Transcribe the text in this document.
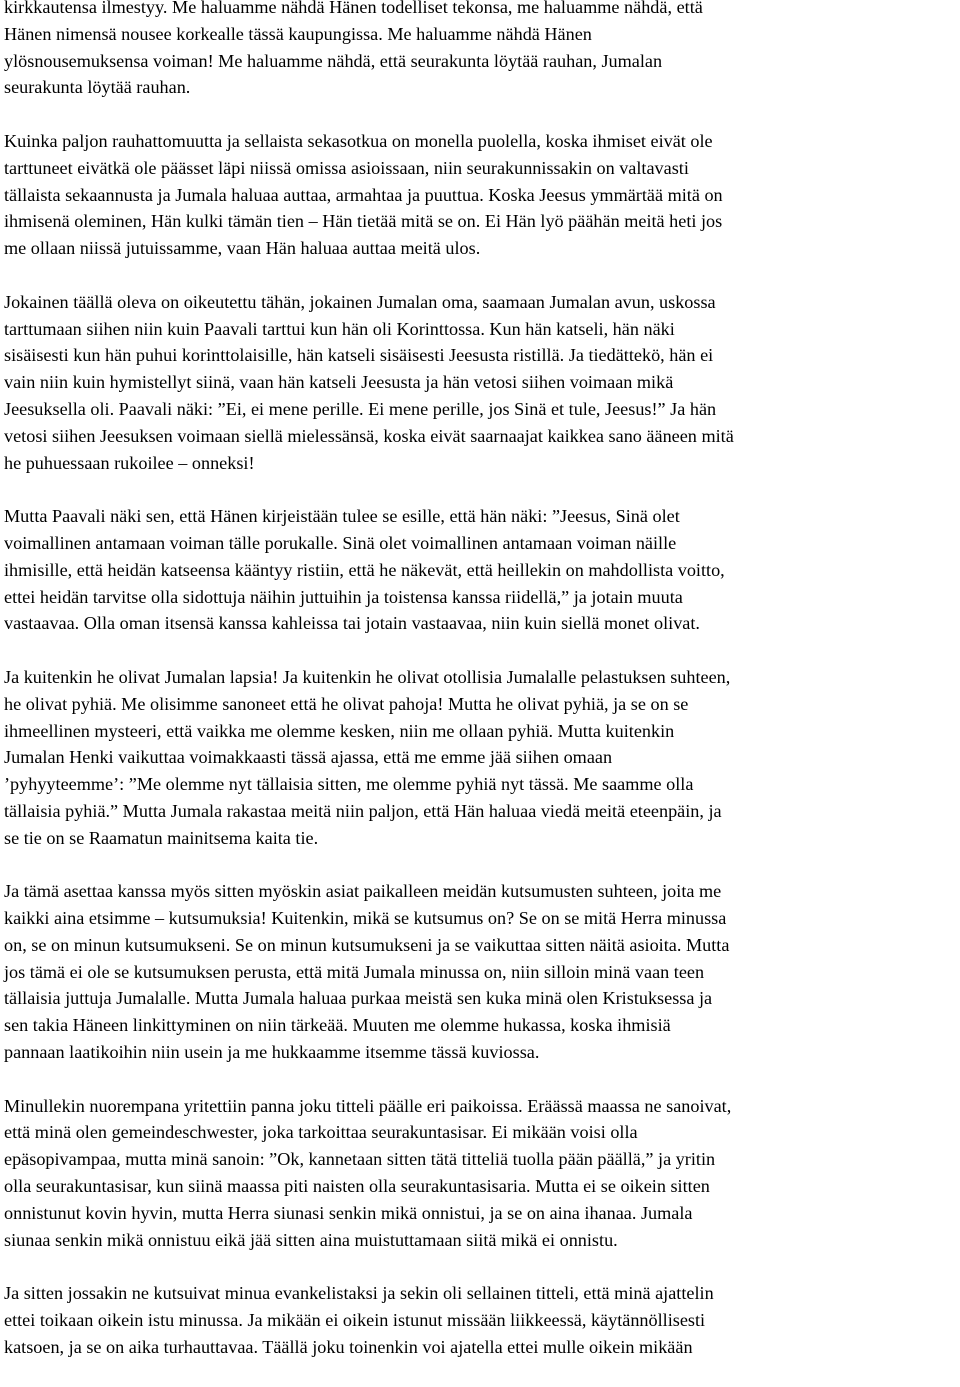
kirkkautensa ilmestyy. Me haluamme nähdä Hänen todelliset tekonsa, me haluamme nähdä, että
Hänen nimensä nousee korkealle tässä kaupungissa. Me haluamme nähdä Hänen
ylösnousemuksensa voiman! Me haluamme nähdä, että seurakunta löytää rauhan, Jumalan
seurakunta löytää rauhan.

Kuinka paljon rauhattomuutta ja sellaista sekasotkua on monella puolella, koska ihmiset eivät ole
tarttuneet eivätkä ole päässet läpi niissä omissa asioissaan, niin seurakunnissakin on valtavasti
tällaista sekaannusta ja Jumala haluaa auttaa, armahtaa ja puuttua. Koska Jeesus ymmärtää mitä on
ihmisenä oleminen, Hän kulki tämän tien – Hän tietää mitä se on. Ei Hän lyö päähän meitä heti jos
me ollaan niissä jutuissamme, vaan Hän haluaa auttaa meitä ulos.

Jokainen täällä oleva on oikeutettu tähän, jokainen Jumalan oma, saamaan Jumalan avun, uskossa
tarttumaan siihen niin kuin Paavali tarttui kun hän oli Korinttossa. Kun hän katseli, hän näki
sisäisesti kun hän puhui korinttolaisille, hän katseli sisäisesti Jeesusta ristillä. Ja tiedättekö, hän ei
vain niin kuin hymistellyt siinä, vaan hän katseli Jeesusta ja hän vetosi siihen voimaan mikä
Jeesuksella oli. Paavali näki: ”Ei, ei mene perille. Ei mene perille, jos Sinä et tule, Jeesus!” Ja hän
vetosi siihen Jeesuksen voimaan siellä mielessänsä, koska eivät saarnaajat kaikkea sano ääneen mitä
he puhuessaan rukoilee – onneksi!

Mutta Paavali näki sen, että Hänen kirjeistään tulee se esille, että hän näki: ”Jeesus, Sinä olet
voimallinen antamaan voiman tälle porukalle. Sinä olet voimallinen antamaan voiman näille
ihmisille, että heidän katseensa kääntyy ristiin, että he näkevät, että heillekin on mahdollista voitto,
ettei heidän tarvitse olla sidottuja näihin juttuihin ja toistensa kanssa riidellä,” ja jotain muuta
vastaavaa. Olla oman itsensä kanssa kahleissa tai jotain vastaavaa, niin kuin siellä monet olivat.

Ja kuitenkin he olivat Jumalan lapsia! Ja kuitenkin he olivat otollisia Jumalalle pelastuksen suhteen,
he olivat pyhiä. Me olisimme sanoneet että he olivat pahoja! Mutta he olivat pyhiä, ja se on se
ihmeellinen mysteeri, että vaikka me olemme kesken, niin me ollaan pyhiä. Mutta kuitenkin
Jumalan Henki vaikuttaa voimakkaasti tässä ajassa, että me emme jää siihen omaan
’pyhyyteemme’: ”Me olemme nyt tällaisia sitten, me olemme pyhiä nyt tässä. Me saamme olla
tällaisia pyhiä.” Mutta Jumala rakastaa meitä niin paljon, että Hän haluaa viedä meitä eteenpäin, ja
se tie on se Raamatun mainitsema kaita tie.

Ja tämä asettaa kanssa myös sitten myöskin asiat paikalleen meidän kutsumusten suhteen, joita me
kaikki aina etsimme – kutsumuksia! Kuitenkin, mikä se kutsumus on? Se on se mitä Herra minussa
on, se on minun kutsumukseni. Se on minun kutsumukseni ja se vaikuttaa sitten näitä asioita. Mutta
jos tämä ei ole se kutsumuksen perusta, että mitä Jumala minussa on, niin silloin minä vaan teen
tällaisia juttuja Jumalalle. Mutta Jumala haluaa purkaa meistä sen kuka minä olen Kristuksessa ja
sen takia Häneen linkittyminen on niin tärkeää. Muuten me olemme hukassa, koska ihmisiä
pannaan laatikoihin niin usein ja me hukkaamme itsemme tässä kuviossa.

Minullekin nuorempana yritettiin panna joku titteli päälle eri paikoissa. Eräässä maassa ne sanoivat,
että minä olen gemeindeschwester, joka tarkoittaa seurakuntasisar. Ei mikään voisi olla
epäsopivampaa, mutta minä sanoin: ”Ok, kannetaan sitten tätä titteliä tuolla pään päällä,” ja yritin
olla seurakuntasisar, kun siinä maassa piti naisten olla seurakuntasisaria. Mutta ei se oikein sitten
onnistunut kovin hyvin, mutta Herra siunasi senkin mikä onnistui, ja se on aina ihanaa. Jumala
siunaa senkin mikä onnistuu eikä jää sitten aina muistuttamaan siitä mikä ei onnistu.

Ja sitten jossakin ne kutsuivat minua evankelistaksi ja sekin oli sellainen titteli, että minä ajattelin
ettei toikaan oikein istu minussa. Ja mikään ei oikein istunut missään liikkeessä, käytännöllisesti
katsoen, ja se on aika turhauttavaa. Täällä joku toinenkin voi ajatella ettei mulle oikein mikään
